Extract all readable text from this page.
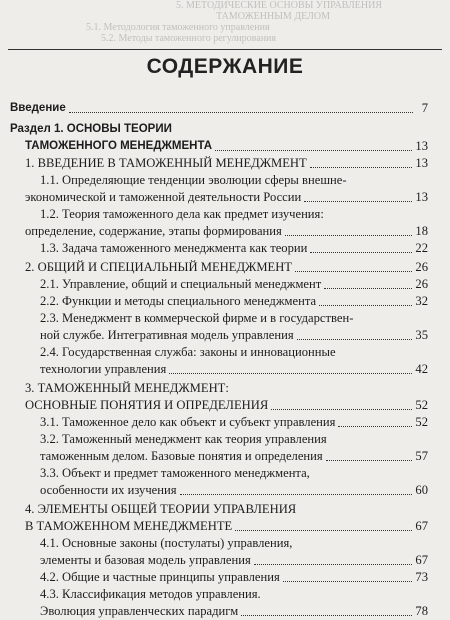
5. МЕТОДИЧЕСКИЕ ОСНОВЫ УПРАВЛЕНИЯ
ТАМОЖЕННЫМ ДЕЛОМ
5.1. Методология таможенного управления
5.2. Методы таможенного регулирования
СОДЕРЖАНИЕ
Введение	7
Раздел 1. ОСНОВЫ ТЕОРИИ
ТАМОЖЕННОГО МЕНЕДЖМЕНТА	13
1. ВВЕДЕНИЕ В ТАМОЖЕННЫЙ МЕНЕДЖМЕНТ	13
1.1. Определяющие тенденции эволюции сферы внешне-
экономической и таможенной деятельности России	13
1.2. Теория таможенного дела как предмет изучения:
определение, содержание, этапы формирования	18
1.3. Задача таможенного менеджмента как теории	22
2. ОБЩИЙ И СПЕЦИАЛЬНЫЙ МЕНЕДЖМЕНТ	26
2.1. Управление, общий и специальный менеджмент	26
2.2. Функции и методы специального менеджмента	32
2.3. Менеджмент в коммерческой фирме и в государствен-
ной службе. Интегративная модель управления	35
2.4. Государственная служба: законы и инновационные
технологии управления	42
3. ТАМОЖЕННЫЙ МЕНЕДЖМЕНТ:
ОСНОВНЫЕ ПОНЯТИЯ И ОПРЕДЕЛЕНИЯ	52
3.1. Таможенное дело как объект и субъект управления	52
3.2. Таможенный менеджмент как теория управления
таможенным делом. Базовые понятия и определения	57
3.3. Объект и предмет таможенного менеджмента,
особенности их изучения	60
4. ЭЛЕМЕНТЫ ОБЩЕЙ ТЕОРИИ УПРАВЛЕНИЯ
В ТАМОЖЕННОМ МЕНЕДЖМЕНТЕ	67
4.1. Основные законы (постулаты) управления,
элементы и базовая модель управления	67
4.2. Общие и частные принципы управления	73
4.3. Классификация методов управления.
Эволюция управленческих парадигм	78
